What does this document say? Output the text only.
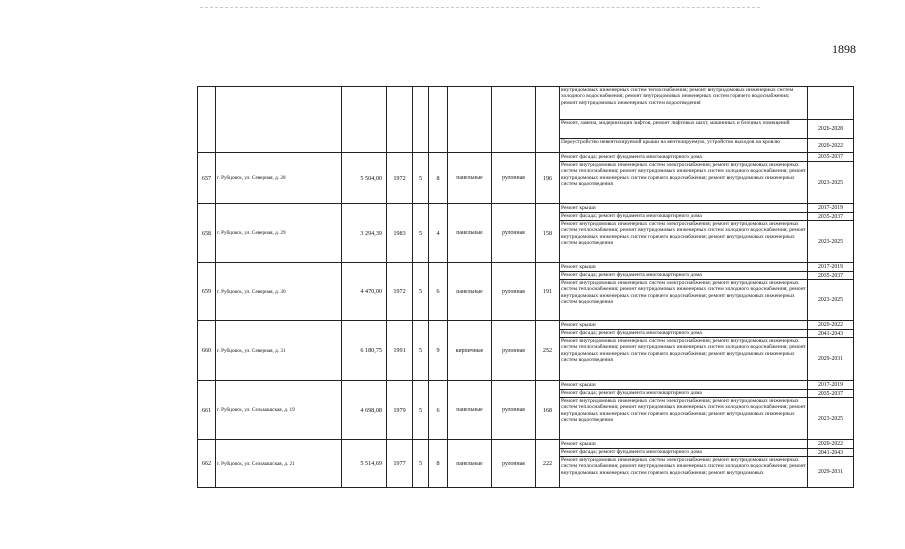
1898
									внутридомовых инженерных систем теплоснабжения; ремонт внутридомовых инженерных систем холодного водоснабжения; ремонт внутридомовых инженерных систем горячего водоснабжения; ремонт внутридомовых инженерных систем водоотведения	
									Ремонт, замена, модернизация лифтов, ремонт лифтовых шахт, машинных и блочных помещений	2026-2028
									Переустройство невентилируемой крыши на вентилируемую, устройство выходов на кровлю	2020-2022
657	г. Рубцовск, ул. Северная, д. 28	5 504,00	1972	5	8	панельные	рулонная	196	Ремонт фасада; ремонт фундамента многоквартирного дома	2035-2037
									Ремонт внутридомовых инженерных систем электроснабжения; ремонт внутридомовых инженерных систем теплоснабжения; ремонт внутридомовых инженерных систем холодного водоснабжения; ремонт внутридомовых инженерных систем горячего водоснабжения; ремонт внутридомовых инженерных систем водоотведения	2023-2025
658	г. Рубцовск, ул. Северная, д. 29	3 294,39	1983	5	4	панельные	рулонная	158	Ремонт крыши	2017-2019
									Ремонт фасада; ремонт фундамента многоквартирного дома	2035-2037
									Ремонт внутридомовых инженерных систем электроснабжения; ремонт внутридомовых инженерных систем теплоснабжения; ремонт внутридомовых инженерных систем холодного водоснабжения; ремонт внутридомовых инженерных систем горячего водоснабжения; ремонт внутридомовых инженерных систем водоотведения	2023-2025
659	г. Рубцовск, ул. Северная, д. 30	4 470,00	1972	5	6	панельные	рулонная	191	Ремонт крыши	2017-2019
									Ремонт фасада; ремонт фундамента многоквартирного дома	2035-2037
									Ремонт внутридомовых инженерных систем электроснабжения; ремонт внутридомовых инженерных систем теплоснабжения; ремонт внутридомовых инженерных систем холодного водоснабжения; ремонт внутридомовых инженерных систем горячего водоснабжения; ремонт внутридомовых инженерных систем водоотведения	2023-2025
660	г. Рубцовск, ул. Северная, д. 31	6 180,75	1991	5	9	кирпичные	рулонная	252	Ремонт крыши	2020-2022
									Ремонт фасада; ремонт фундамента многоквартирного дома	2041-2043
									Ремонт внутридомовых инженерных систем электроснабжения; ремонт внутридомовых инженерных систем теплоснабжения; ремонт внутридомовых инженерных систем холодного водоснабжения; ремонт внутридомовых инженерных систем горячего водоснабжения; ремонт внутридомовых инженерных систем водоотведения	2029-2031
661	г. Рубцовск, ул. Сельмашская, д. 19	4 698,08	1979	5	6	панельные	рулонная	168	Ремонт крыши	2017-2019
									Ремонт фасада; ремонт фундамента многоквартирного дома	2035-2037
									Ремонт внутридомовых инженерных систем электроснабжения; ремонт внутридомовых инженерных систем теплоснабжения; ремонт внутридомовых инженерных систем холодного водоснабжения; ремонт внутридомовых инженерных систем горячего водоснабжения; ремонт внутридомовых инженерных систем водоотведения	2023-2025
662	г. Рубцовск, ул. Сельмашская, д. 21	5 514,69	1977	5	8	панельные	рулонная	222	Ремонт крыши	2020-2022
									Ремонт фасада; ремонт фундамента многоквартирного дома	2041-2043
									Ремонт внутридомовых инженерных систем электроснабжения; ремонт внутридомовых инженерных систем теплоснабжения; ремонт внутридомовых инженерных систем холодного водоснабжения; ремонт внутридомовых инженерных систем горячего водоснабжения; ремонт внутридомовых	2029-2031
